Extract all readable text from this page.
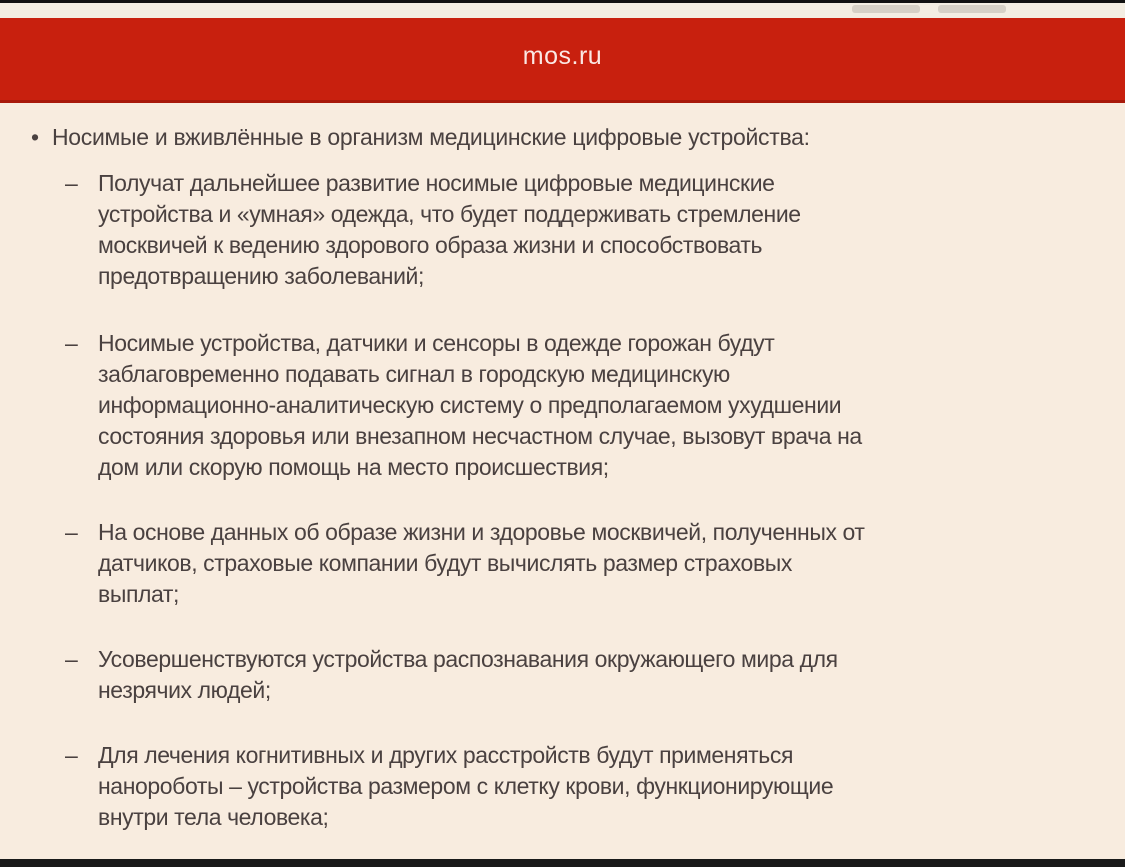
mos.ru
• Носимые и вживлённые в организм медицинские цифровые устройства:
– Получат дальнейшее развитие носимые цифровые медицинские
устройства и «умная» одежда, что будет поддерживать стремление
москвичей к ведению здорового образа жизни и способствовать
предотвращению заболеваний;
– Носимые устройства, датчики и сенсоры в одежде горожан будут
заблаговременно подавать сигнал в городскую медицинскую
информационно-аналитическую систему о предполагаемом ухудшении
состояния здоровья или внезапном несчастном случае, вызовут врача на
дом или скорую помощь на место происшествия;
– На основе данных об образе жизни и здоровье москвичей, полученных от
датчиков, страховые компании будут вычислять размер страховых
выплат;
– Усовершенствуются устройства распознавания окружающего мира для
незрячих людей;
– Для лечения когнитивных и других расстройств будут применяться
нанороботы – устройства размером с клетку крови, функционирующие
внутри тела человека;
